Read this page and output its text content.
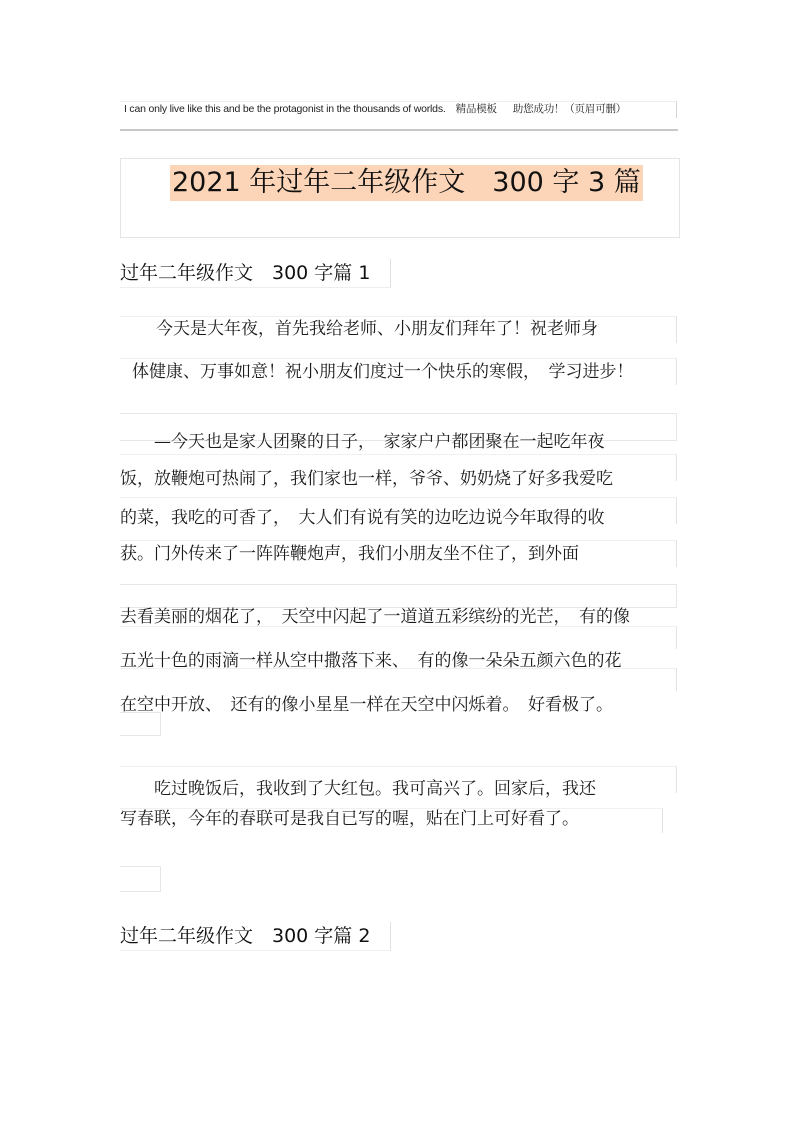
I can only live like this and be the protagonist in the thousands of worlds. 精品模板 助您成功！（页眉可删）
2021 年过年二年级作文　300 字 3 篇
过年二年级作文　300 字篇 1
　　今天是大年夜，首先我给老师、小朋友们拜年了！祝老师身
体健康、万事如意！祝小朋友们度过一个快乐的寒假，　学习进步！
　　—今天也是家人团聚的日子，　家家户户都团聚在一起吃年夜
饭，放鞭炮可热闹了，我们家也一样，爷爷、奶奶烧了好多我爱吃
的菜，我吃的可香了，　大人们有说有笑的边吃边说今年取得的收
获。门外传来了一阵阵鞭炮声，我们小朋友坐不住了，到外面
去看美丽的烟花了，　天空中闪起了一道道五彩缤纷的光芒，　有的像
五光十色的雨滴一样从空中撒落下来、　有的像一朵朵五颜六色的花
在空中开放、　还有的像小星星一样在天空中闪烁着。　好看极了。
　　吃过晚饭后，我收到了大红包。我可高兴了。回家后，我还
写春联，今年的春联可是我自已写的喔，贴在门上可好看了。
过年二年级作文　300 字篇 2
